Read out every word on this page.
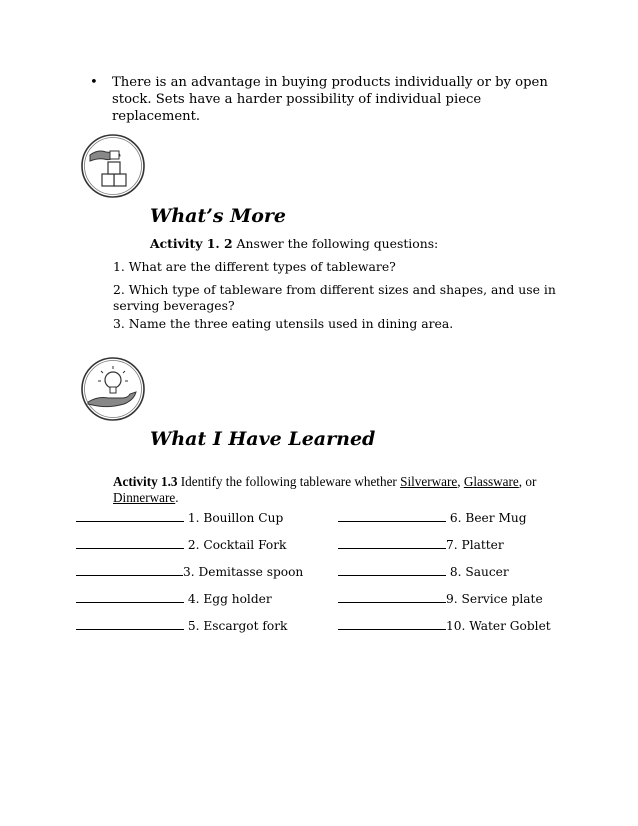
• There is an advantage in buying products individually or by open stock. Sets have a harder possibility of individual piece replacement.
What’s More
Activity 1. 2 Answer the following questions:
1. What are the different types of tableware?
2. Which type of tableware from different sizes and shapes, and use in serving beverages?
3. Name the three eating utensils used in dining area.
What I Have Learned
Activity 1.3 Identify the following tableware whether Silverware, Glassware, or
Dinnerware.
1. Bouillon Cup
2. Cocktail Fork
3. Demitasse spoon
4. Egg holder
5. Escargot fork
6. Beer Mug
7. Platter
8. Saucer
9. Service plate
10. Water Goblet
